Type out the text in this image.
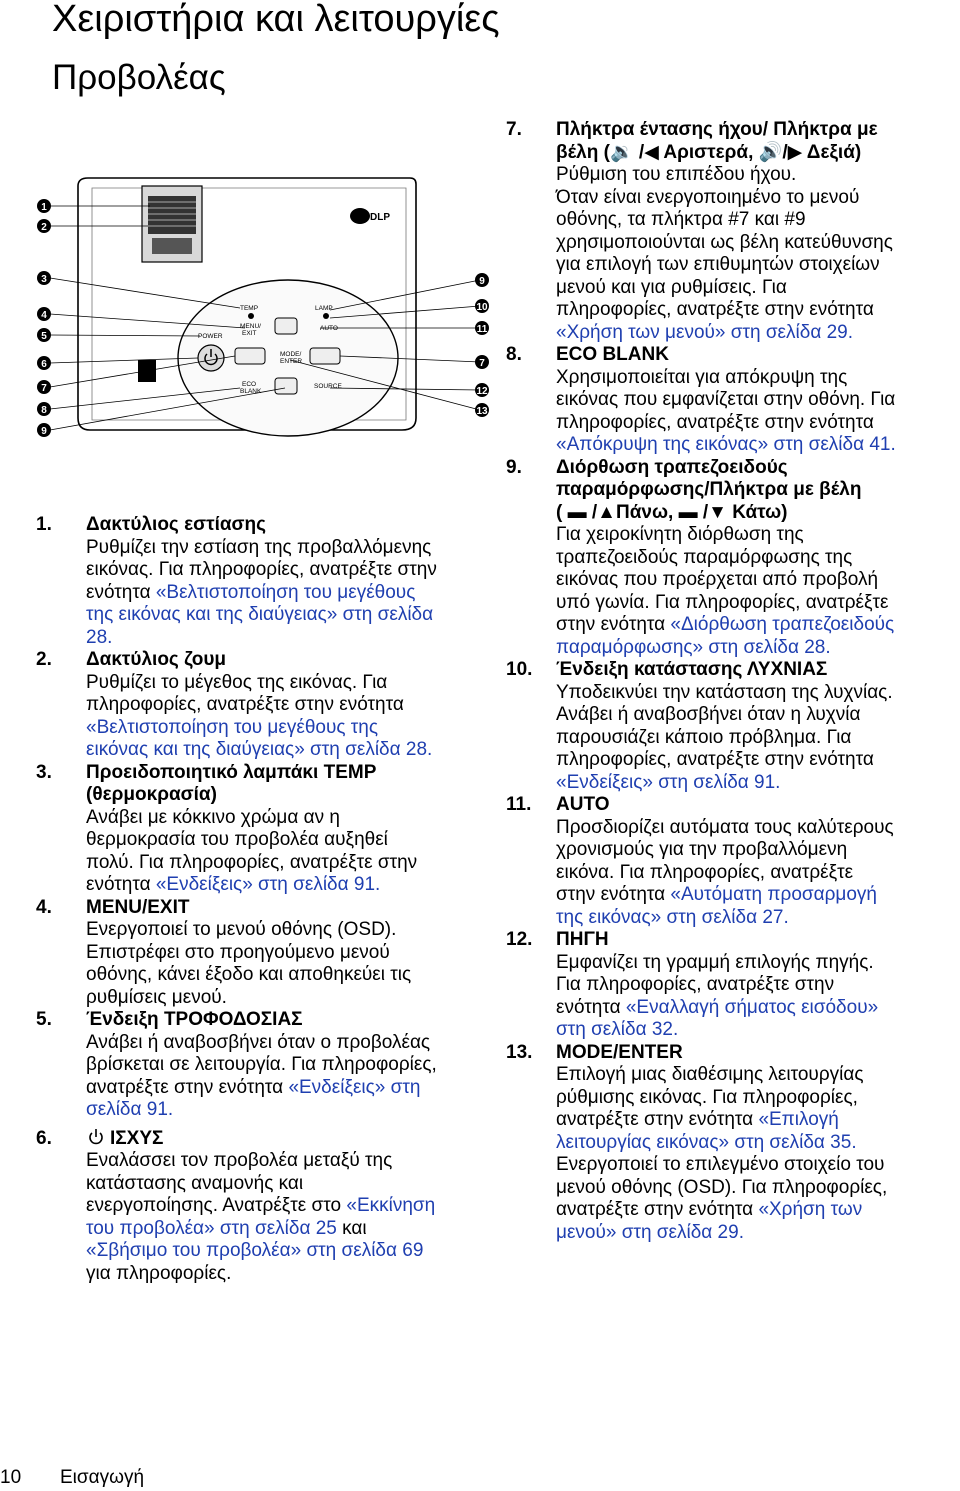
Χειριστήρια και λειτουργίες
Προβολέας
DLP
TEMP	LAMP
POWER
AUTO
MENU/
EXIT
MODE/
ENTER
ECO
BLANK
SOURCE
1
2
3
4
5
6
7
8
9
9
10
11
7
12
13
1. Δακτύλιος εστίασης
Ρυθμίζει την εστίαση της προβαλλόμενης
εικόνας. Για πληροφορίες, ανατρέξτε στην
ενότητα «Βελτιστοποίηση του μεγέθους
της εικόνας και της διαύγειας» στη σελίδα
28.
2. Δακτύλιος ζουμ
Ρυθμίζει το μέγεθος της εικόνας. Για
πληροφορίες, ανατρέξτε στην ενότητα
«Βελτιστοποίηση του μεγέθους της
εικόνας και της διαύγειας» στη σελίδα 28.
3. Προειδοποιητικό λαμπάκι TEMP
(θερμοκρασία)
Ανάβει με κόκκινο χρώμα αν η
θερμοκρασία του προβολέα αυξηθεί
πολύ. Για πληροφορίες, ανατρέξτε στην
ενότητα «Ενδείξεις» στη σελίδα 91.
4. MENU/EXIT
Ενεργοποιεί το μενού οθόνης (OSD).
Επιστρέφει στο προηγούμενο μενού
οθόνης, κάνει έξοδο και αποθηκεύει τις
ρυθμίσεις μενού.
5. Ένδειξη ΤΡΟΦΟΔΟΣΙΑΣ
Ανάβει ή αναβοσβήνει όταν ο προβολέας
βρίσκεται σε λειτουργία. Για πληροφορίες,
ανατρέξτε στην ενότητα «Ενδείξεις» στη
σελίδα 91.
6.	ΙΣΧΥΣ
Εναλάσσει τον προβολέα μεταξύ της
κατάστασης αναμονής και
ενεργοποίησης. Ανατρέξτε στο «Εκκίνηση
του προβολέα» στη σελίδα 25 και
«Σβήσιμο του προβολέα» στη σελίδα 69
για πληροφορίες.
7. Πλήκτρα έντασης ήχου/ Πλήκτρα με
βέλη (🔉 /◀ Αριστερά, 🔊/▶ Δεξιά)
Ρύθμιση του επιπέδου ήχου.
Όταν είναι ενεργοποιημένο το μενού
οθόνης, τα πλήκτρα #7 και #9
χρησιμοποιούνται ως βέλη κατεύθυνσης
για επιλογή των επιθυμητών στοιχείων
μενού και για ρυθμίσεις. Για
πληροφορίες, ανατρέξτε στην ενότητα
«Χρήση των μενού» στη σελίδα 29.
8. ECO BLANK
Χρησιμοποιείται για απόκρυψη της
εικόνας που εμφανίζεται στην οθόνη. Για
πληροφορίες, ανατρέξτε στην ενότητα
«Απόκρυψη της εικόνας» στη σελίδα 41.
9. Διόρθωση τραπεζοειδούς
παραμόρφωσης/Πλήκτρα με βέλη
( ▬ /▲Πάνω, ▬ /▼ Κάτω)
Για χειροκίνητη διόρθωση της
τραπεζοειδούς παραμόρφωσης της
εικόνας που προέρχεται από προβολή
υπό γωνία. Για πληροφορίες, ανατρέξτε
στην ενότητα «Διόρθωση τραπεζοειδούς
παραμόρφωσης» στη σελίδα 28.
10. Ένδειξη κατάστασης ΛΥΧΝΙΑΣ
Υποδεικνύει την κατάσταση της λυχνίας.
Ανάβει ή αναβοσβήνει όταν η λυχνία
παρουσιάζει κάποιο πρόβλημα. Για
πληροφορίες, ανατρέξτε στην ενότητα
«Ενδείξεις» στη σελίδα 91.
11. AUTO
Προσδιορίζει αυτόματα τους καλύτερους
χρονισμούς για την προβαλλόμενη
εικόνα. Για πληροφορίες, ανατρέξτε
στην ενότητα «Αυτόματη προσαρμογή
της εικόνας» στη σελίδα 27.
12. ΠΗΓΗ
Εμφανίζει τη γραμμή επιλογής πηγής.
Για πληροφορίες, ανατρέξτε στην
ενότητα «Εναλλαγή σήματος εισόδου»
στη σελίδα 32.
13. MODE/ENTER
Επιλογή μιας διαθέσιμης λειτουργίας
ρύθμισης εικόνας. Για πληροφορίες,
ανατρέξτε στην ενότητα «Επιλογή
λειτουργίας εικόνας» στη σελίδα 35.
Ενεργοποιεί το επιλεγμένο στοιχείο του
μενού οθόνης (OSD). Για πληροφορίες,
ανατρέξτε στην ενότητα «Χρήση των
μενού» στη σελίδα 29.
10 Εισαγωγή
